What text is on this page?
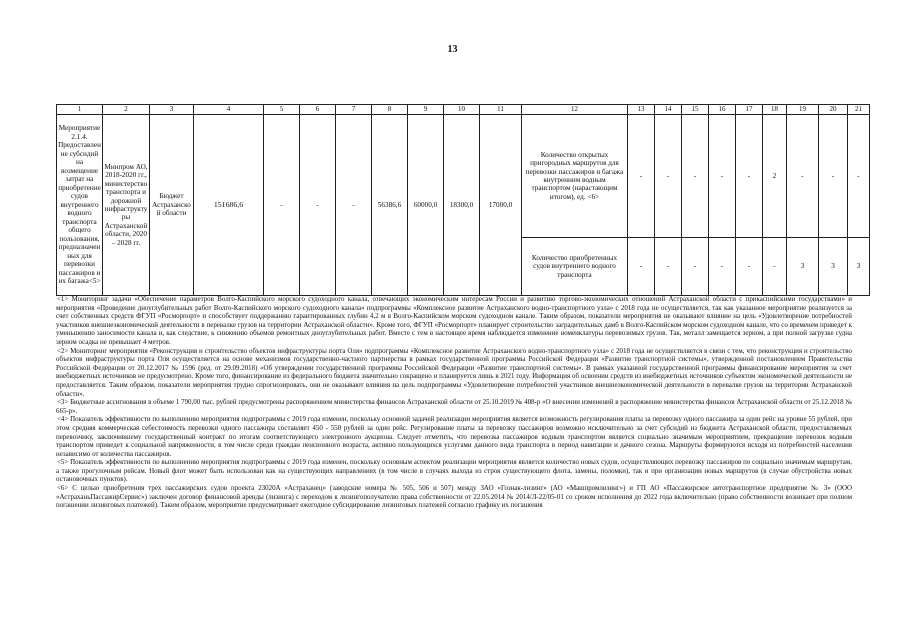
13
1	2	3	4	5	6	7	8	9	10	11	12	13	14	15	16	17	18	19	20	21
Мероприятие 2.1.4. Предоставление субсидий на возмещение затрат на приобретение судов внутреннего водного транспорта общего пользования, предназначенных для перевозки пассажиров и их багажа<5>	Минпром АО, 2018-2020 гг., министерство транспорта и дорожной инфраструктуры Астраханской области, 2020 – 2028 гг.	Бюджет Астраханской области	151686,6	-	-	-	56386,6	60000,0	18300,0	17000,0	Количество открытых пригородных маршрутов для перевозки пассажиров и багажа внутренним водным транспортом (нарастающим итогом), ед. <6>	-	-	-	-	-	2	-	-	-
											Количество приобретенных судов внутреннего водного транспорта	-	-	-	-	-	-	3	3	3

<1> Мониторинг задачи «Обеспечение параметров Волго-Каспийского морского судоходного канала, отвечающих экономическим интересам России и развитию торгово-экономических отношений Астраханской области с прикаспийскими государствами» и мероприятия «Проведение дноуглубительных работ Волго-Каспийского морского судоходного канала» подпрограммы «Комплексное развитие Астраханского водно-транспортного узла» с 2018 года не осуществляется, так как указанное мероприятие реализуется за счет собственных средств ФГУП «Росморпорт» и способствует поддержанию гарантированных глубин 4,2 м в Волго-Каспийском морском судоходном канале. Таким образом, показатели мероприятия не оказывают влияние на цель «Удовлетворение потребностей участников внешнеэкономической деятельности в перевалке грузов на территории Астраханской области». Кроме того, ФГУП «Росморпорт» планирует строительство заградительных дамб в Волго-Каспийском морском судоходном канале, что со временем приведет к уменьшению заносимости канала и, как следствие, к снижению объемов ремонтных дноуглубительных работ. Вместе с тем в настоящее время наблюдается изменение номенклатуры перевозимых грузов. Так, металл замещается зерном, а при полной загрузке судна зерном осадка не превышает 4 метров.

<2> Мониторинг мероприятия «Реконструкция и строительство объектов инфраструктуры порта Оля» подпрограммы «Комплексное развитие Астраханского водно-транспортного узла» с 2018 года не осуществляется в связи с тем, что реконструкция и строительство объектов инфраструктуры порта Оля осуществляется на основе механизмов государственно-частного партнерства в рамках государственной программы Российской Федерации «Развитие транспортной системы», утвержденной постановлением Правительства Российской Федерации от 20.12.2017 № 1596 (ред. от 29.09.2018) «Об утверждении государственной программы Российской Федерации «Развитие транспортной системы». В рамках указанной государственной программы финансирование мероприятия за счет внебюджетных источников не предусмотрено. Кроме того, финансирование из федерального бюджета значительно сокращено и планируется лишь в 2021 году. Информация об освоении средств из внебюджетных источников субъектом экономической деятельности не предоставляется. Таким образом, показатели мероприятия трудно спрогнозировать, они не оказывают влияния на цель подпрограммы «Удовлетворение потребностей участников внешнеэкономической деятельности в перевалке грузов на территории Астраханской области».

<3> Бюджетные ассигнования в объеме 1 790,00 тыс. рублей предусмотрены распоряжением министерства финансов Астраханской области от 25.10.2019 № 408-р «О внесении изменений в распоряжение министерства финансов Астраханской области от 25.12.2018 № 665-р».

<4> Показатель эффективности по выполнению мероприятия подпрограммы с 2019 года изменен, поскольку основной задачей реализации мероприятия является возможность регулирования платы за перевозку одного пассажира за один рейс на уровне 55 рублей, при этом средняя коммерческая себестоимость перевозки одного пассажира составляет 450 - 550 рублей за один рейс. Регулирование платы за перевозку пассажиров возможно исключительно за счет субсидий из бюджета Астраханской области, предоставляемых перевозчику, заключившему государственный контракт по итогам соответствующего электронного аукциона. Следует отметить, что перевозка пассажиров водным транспортом является социально значимым мероприятием, прекращение перевозок водным транспортом приведет к социальной напряженности, в том числе среди граждан пенсионного возраста, активно пользующихся услугами данного вида транспорта в период навигации и дачного сезона. Маршруты формируются исходя из потребностей населения независимо от количества пассажиров.

<5> Показатель эффективности по выполнению мероприятия подпрограммы с 2019 года изменен, поскольку основным аспектом реализации мероприятия является количество новых судов, осуществляющих перевозку пассажиров по социально значимым маршрутам, а также прогулочным рейсам. Новый флот может быть использован как на существующих направлениях (в том числе в случаях выхода из строя существующего флота, замены, поломки), так и при организации новых маршрутов (в случае обустройства новых остановочных пунктов).

<6> С целью приобретения трех пассажирских судов проекта 23020А «Астраханец» (заводские номера № 505, 506 и 507) между ЗАО «Гознак-лизинг» (АО «Машпромлизинг») и ГП АО «Пассажирское автотранспортное предприятие № 3» (ООО «АстраханьПассажирСервис») заключен договор финансовой аренды (лизинга) с переходом к лизингополучателю права собственности от 22.05.2014 № 2014/Л-22/05-01 со сроком исполнения до 2022 года включительно (право собственности возникает при полном погашении лизинговых платежей). Таким образом, мероприятие предусматривает ежегодное субсидирование лизинговых платежей согласно графику их погашения
